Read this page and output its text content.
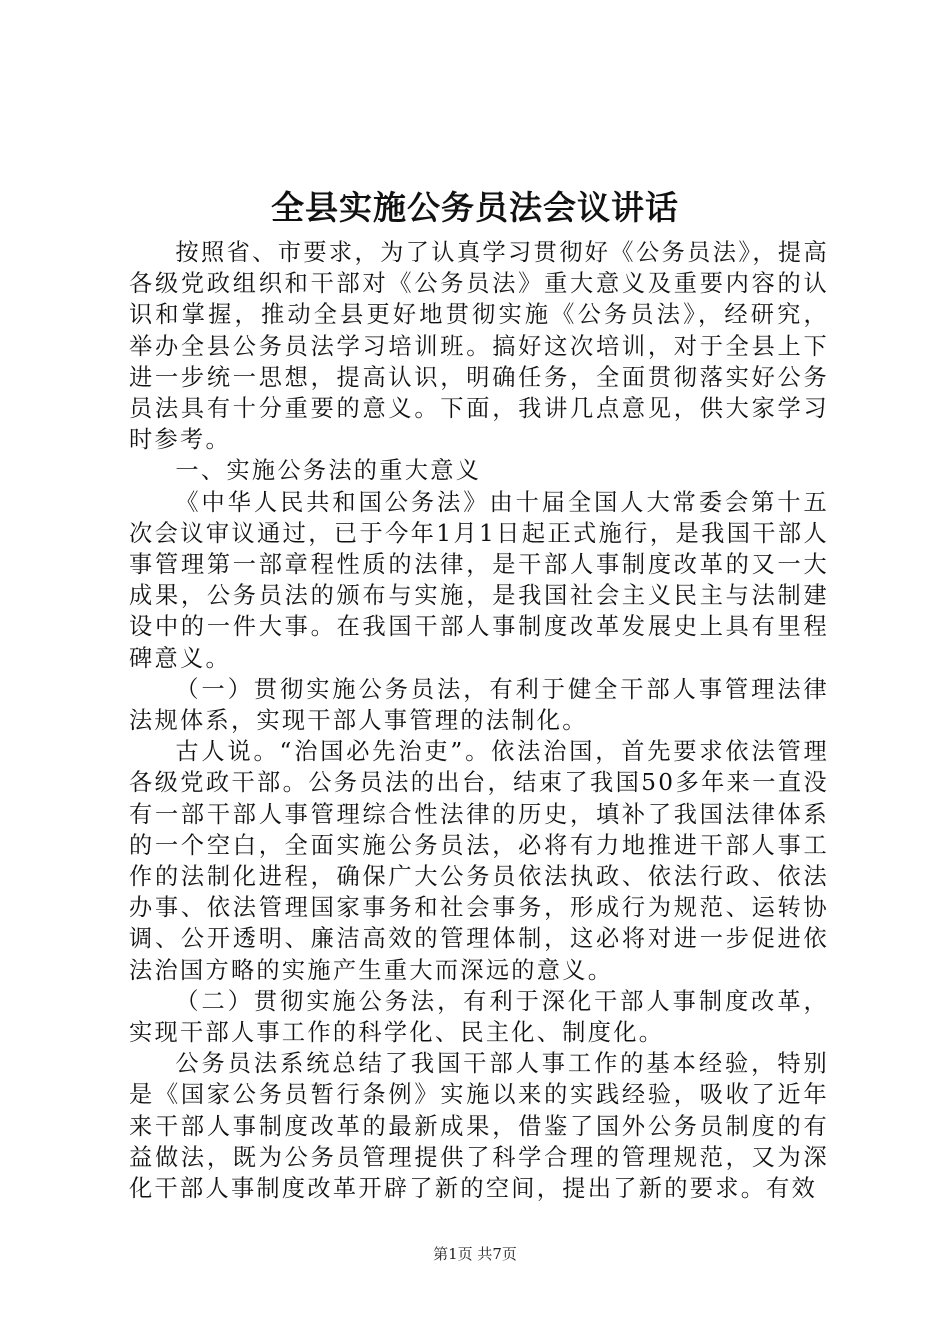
全县实施公务员法会议讲话

按照省、市要求，为了认真学习贯彻好《公务员法》，提高各级党政组织和干部对《公务员法》重大意义及重要内容的认识和掌握，推动全县更好地贯彻实施《公务员法》，经研究，举办全县公务员法学习培训班。搞好这次培训，对于全县上下进一步统一思想，提高认识，明确任务，全面贯彻落实好公务员法具有十分重要的意义。下面，我讲几点意见，供大家学习时参考。

一、实施公务法的重大意义

《中华人民共和国公务法》由十届全国人大常委会第十五次会议审议通过，已于今年1月1日起正式施行，是我国干部人事管理第一部章程性质的法律，是干部人事制度改革的又一大成果，公务员法的颁布与实施，是我国社会主义民主与法制建设中的一件大事。在我国干部人事制度改革发展史上具有里程碑意义。

（一）贯彻实施公务员法，有利于健全干部人事管理法律法规体系，实现干部人事管理的法制化。

古人说。“治国必先治吏”。依法治国，首先要求依法管理各级党政干部。公务员法的出台，结束了我国50多年来一直没有一部干部人事管理综合性法律的历史，填补了我国法律体系的一个空白，全面实施公务员法，必将有力地推进干部人事工作的法制化进程，确保广大公务员依法执政、依法行政、依法办事、依法管理国家事务和社会事务，形成行为规范、运转协调、公开透明、廉洁高效的管理体制，这必将对进一步促进依法治国方略的实施产生重大而深远的意义。

（二）贯彻实施公务法，有利于深化干部人事制度改革，实现干部人事工作的科学化、民主化、制度化。

公务员法系统总结了我国干部人事工作的基本经验，特别是《国家公务员暂行条例》实施以来的实践经验，吸收了近年来干部人事制度改革的最新成果，借鉴了国外公务员制度的有益做法，既为公务员管理提供了科学合理的管理规范，又为深化干部人事制度改革开辟了新的空间，提出了新的要求。有效

第1页 共7页
